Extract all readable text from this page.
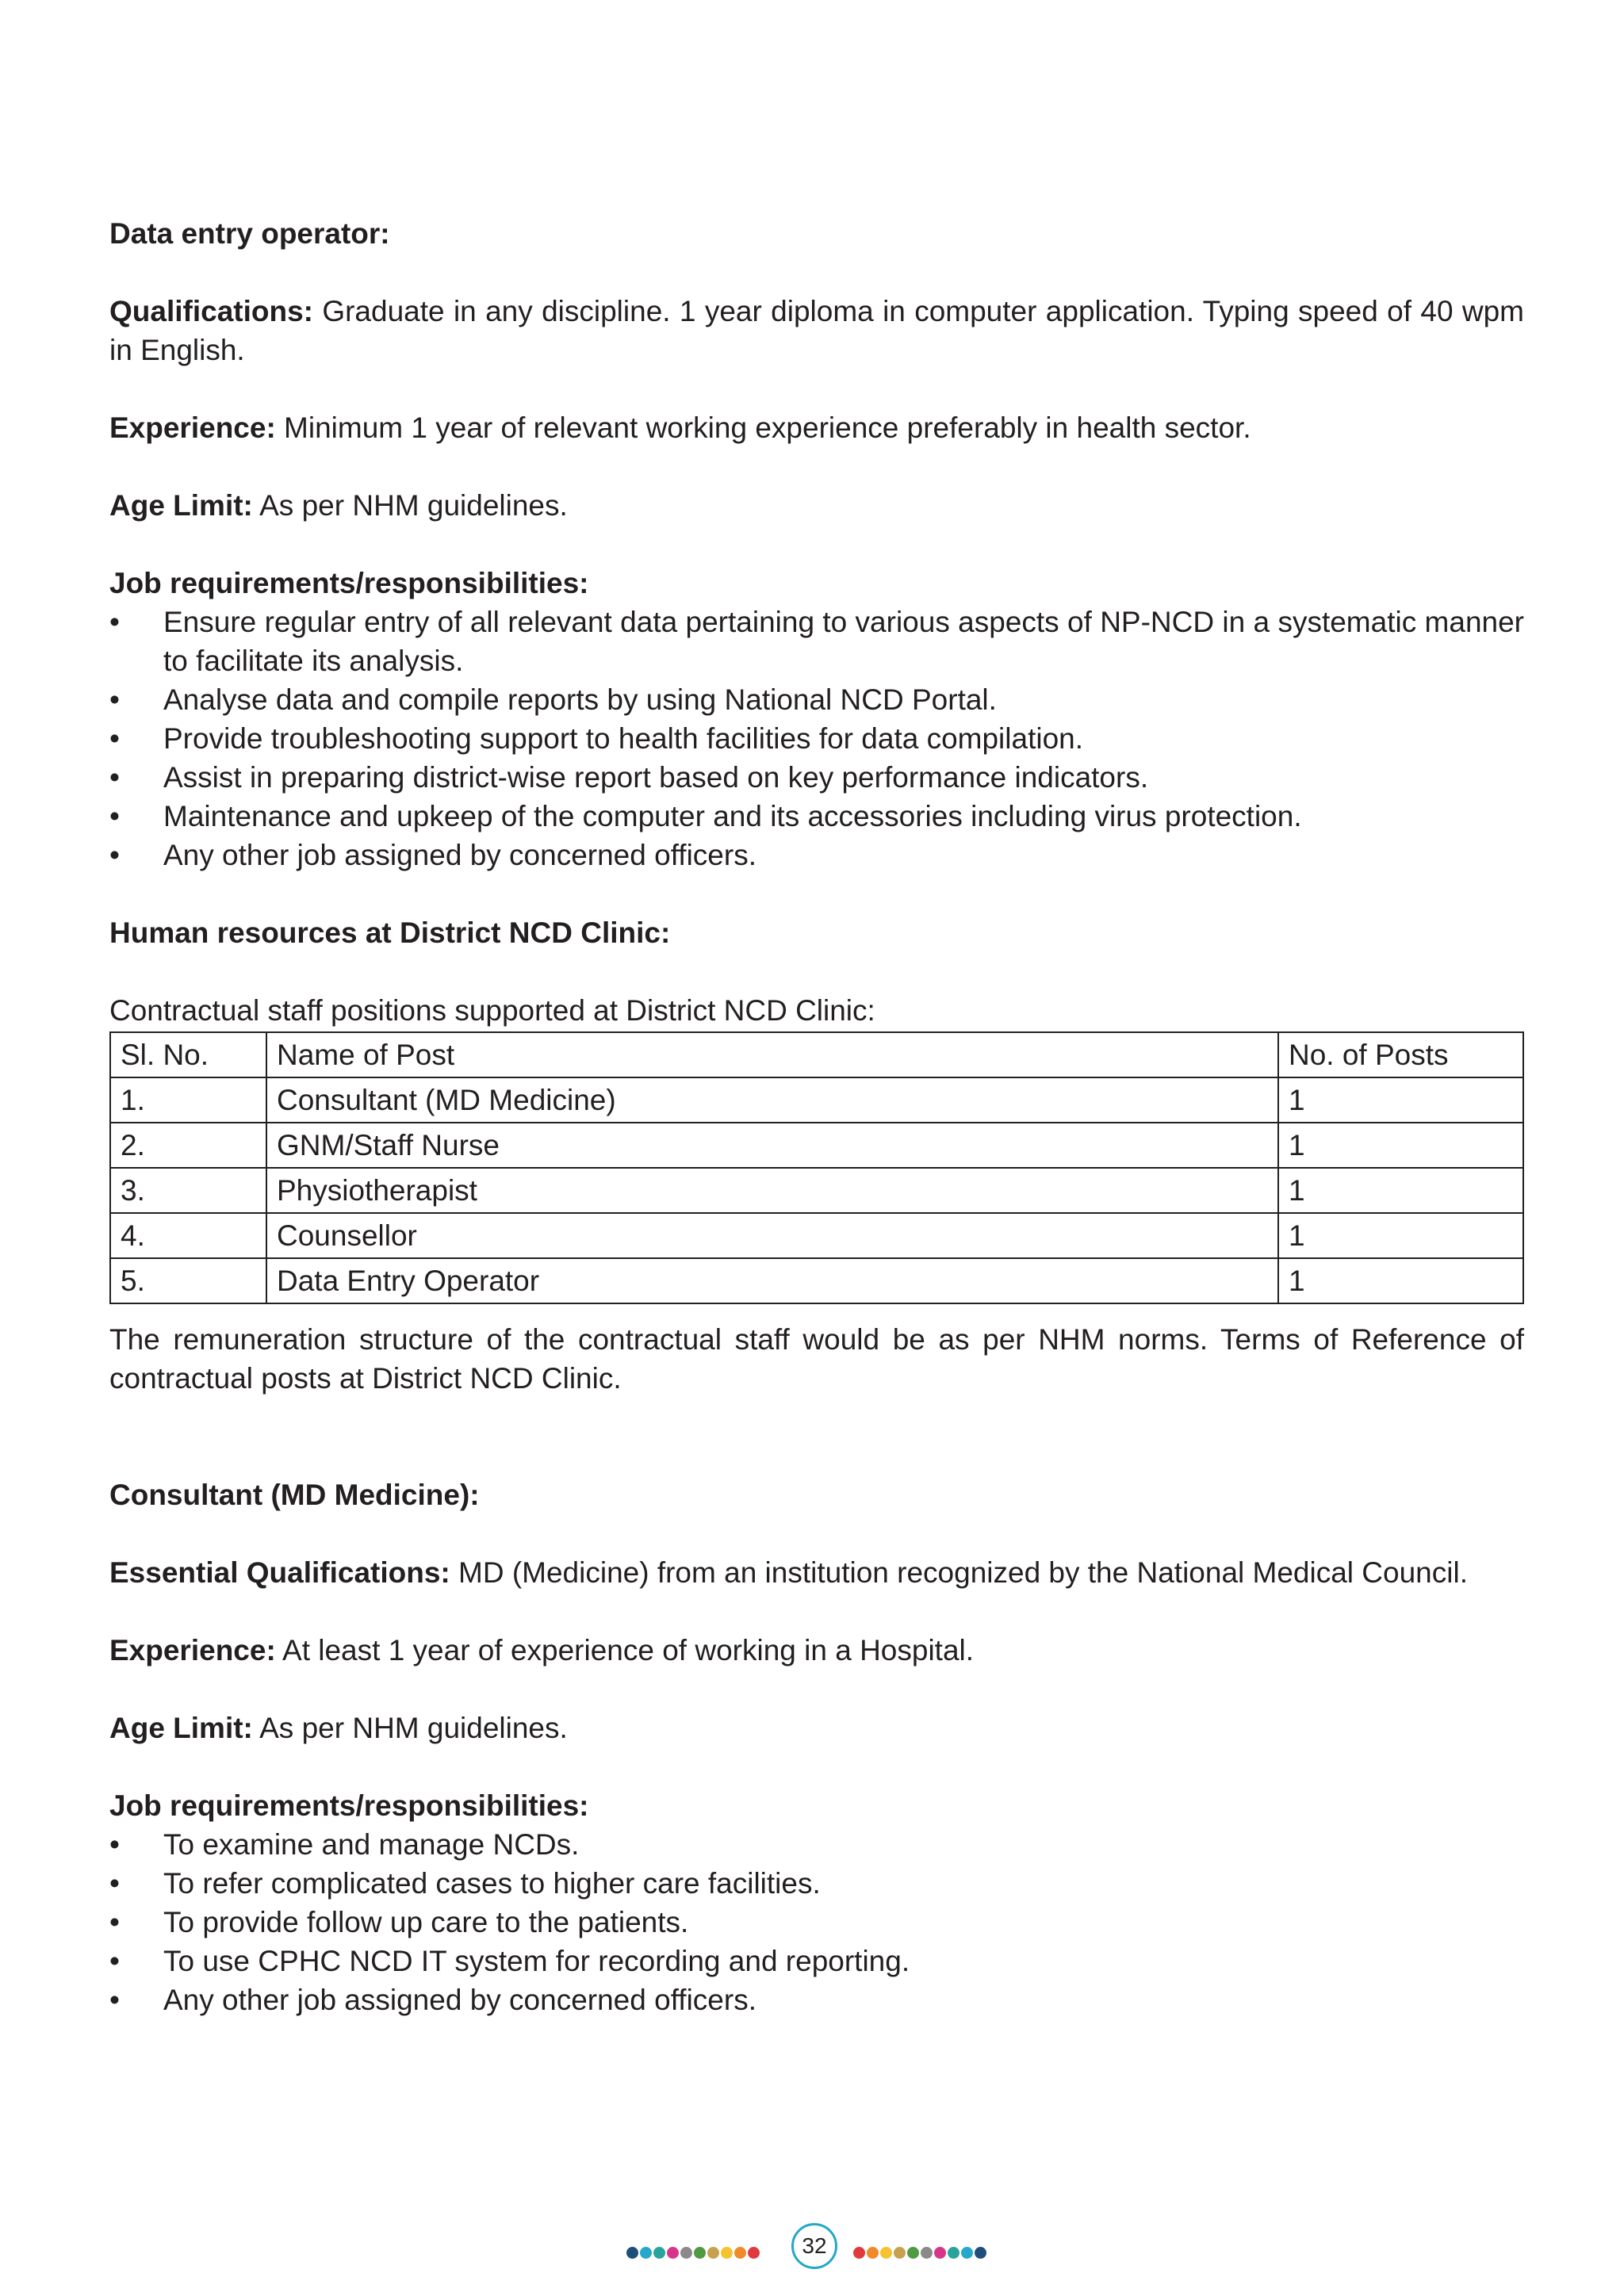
Data entry operator:

Qualifications: Graduate in any discipline. 1 year diploma in computer application. Typing speed of 40 wpm in English.

Experience: Minimum 1 year of relevant working experience preferably in health sector.

Age Limit: As per NHM guidelines.

Job requirements/responsibilities:

• Ensure regular entry of all relevant data pertaining to various aspects of NP-NCD in a systematic manner to facilitate its analysis.
• Analyse data and compile reports by using National NCD Portal.
• Provide troubleshooting support to health facilities for data compilation.
• Assist in preparing district-wise report based on key performance indicators.
• Maintenance and upkeep of the computer and its accessories including virus protection.
• Any other job assigned by concerned officers.

Human resources at District NCD Clinic:

Contractual staff positions supported at District NCD Clinic:

Sl. No.	Name of Post	No. of Posts
1.	Consultant (MD Medicine)	1
2.	GNM/Staff Nurse	1
3.	Physiotherapist	1
4.	Counsellor	1
5.	Data Entry Operator	1

The remuneration structure of the contractual staff would be as per NHM norms. Terms of Reference of contractual posts at District NCD Clinic.

Consultant (MD Medicine):

Essential Qualifications: MD (Medicine) from an institution recognized by the National Medical Council.

Experience: At least 1 year of experience of working in a Hospital.

Age Limit: As per NHM guidelines.

Job requirements/responsibilities:

• To examine and manage NCDs.
• To refer complicated cases to higher care facilities.
• To provide follow up care to the patients.
• To use CPHC NCD IT system for recording and reporting.
• Any other job assigned by concerned officers.
32
